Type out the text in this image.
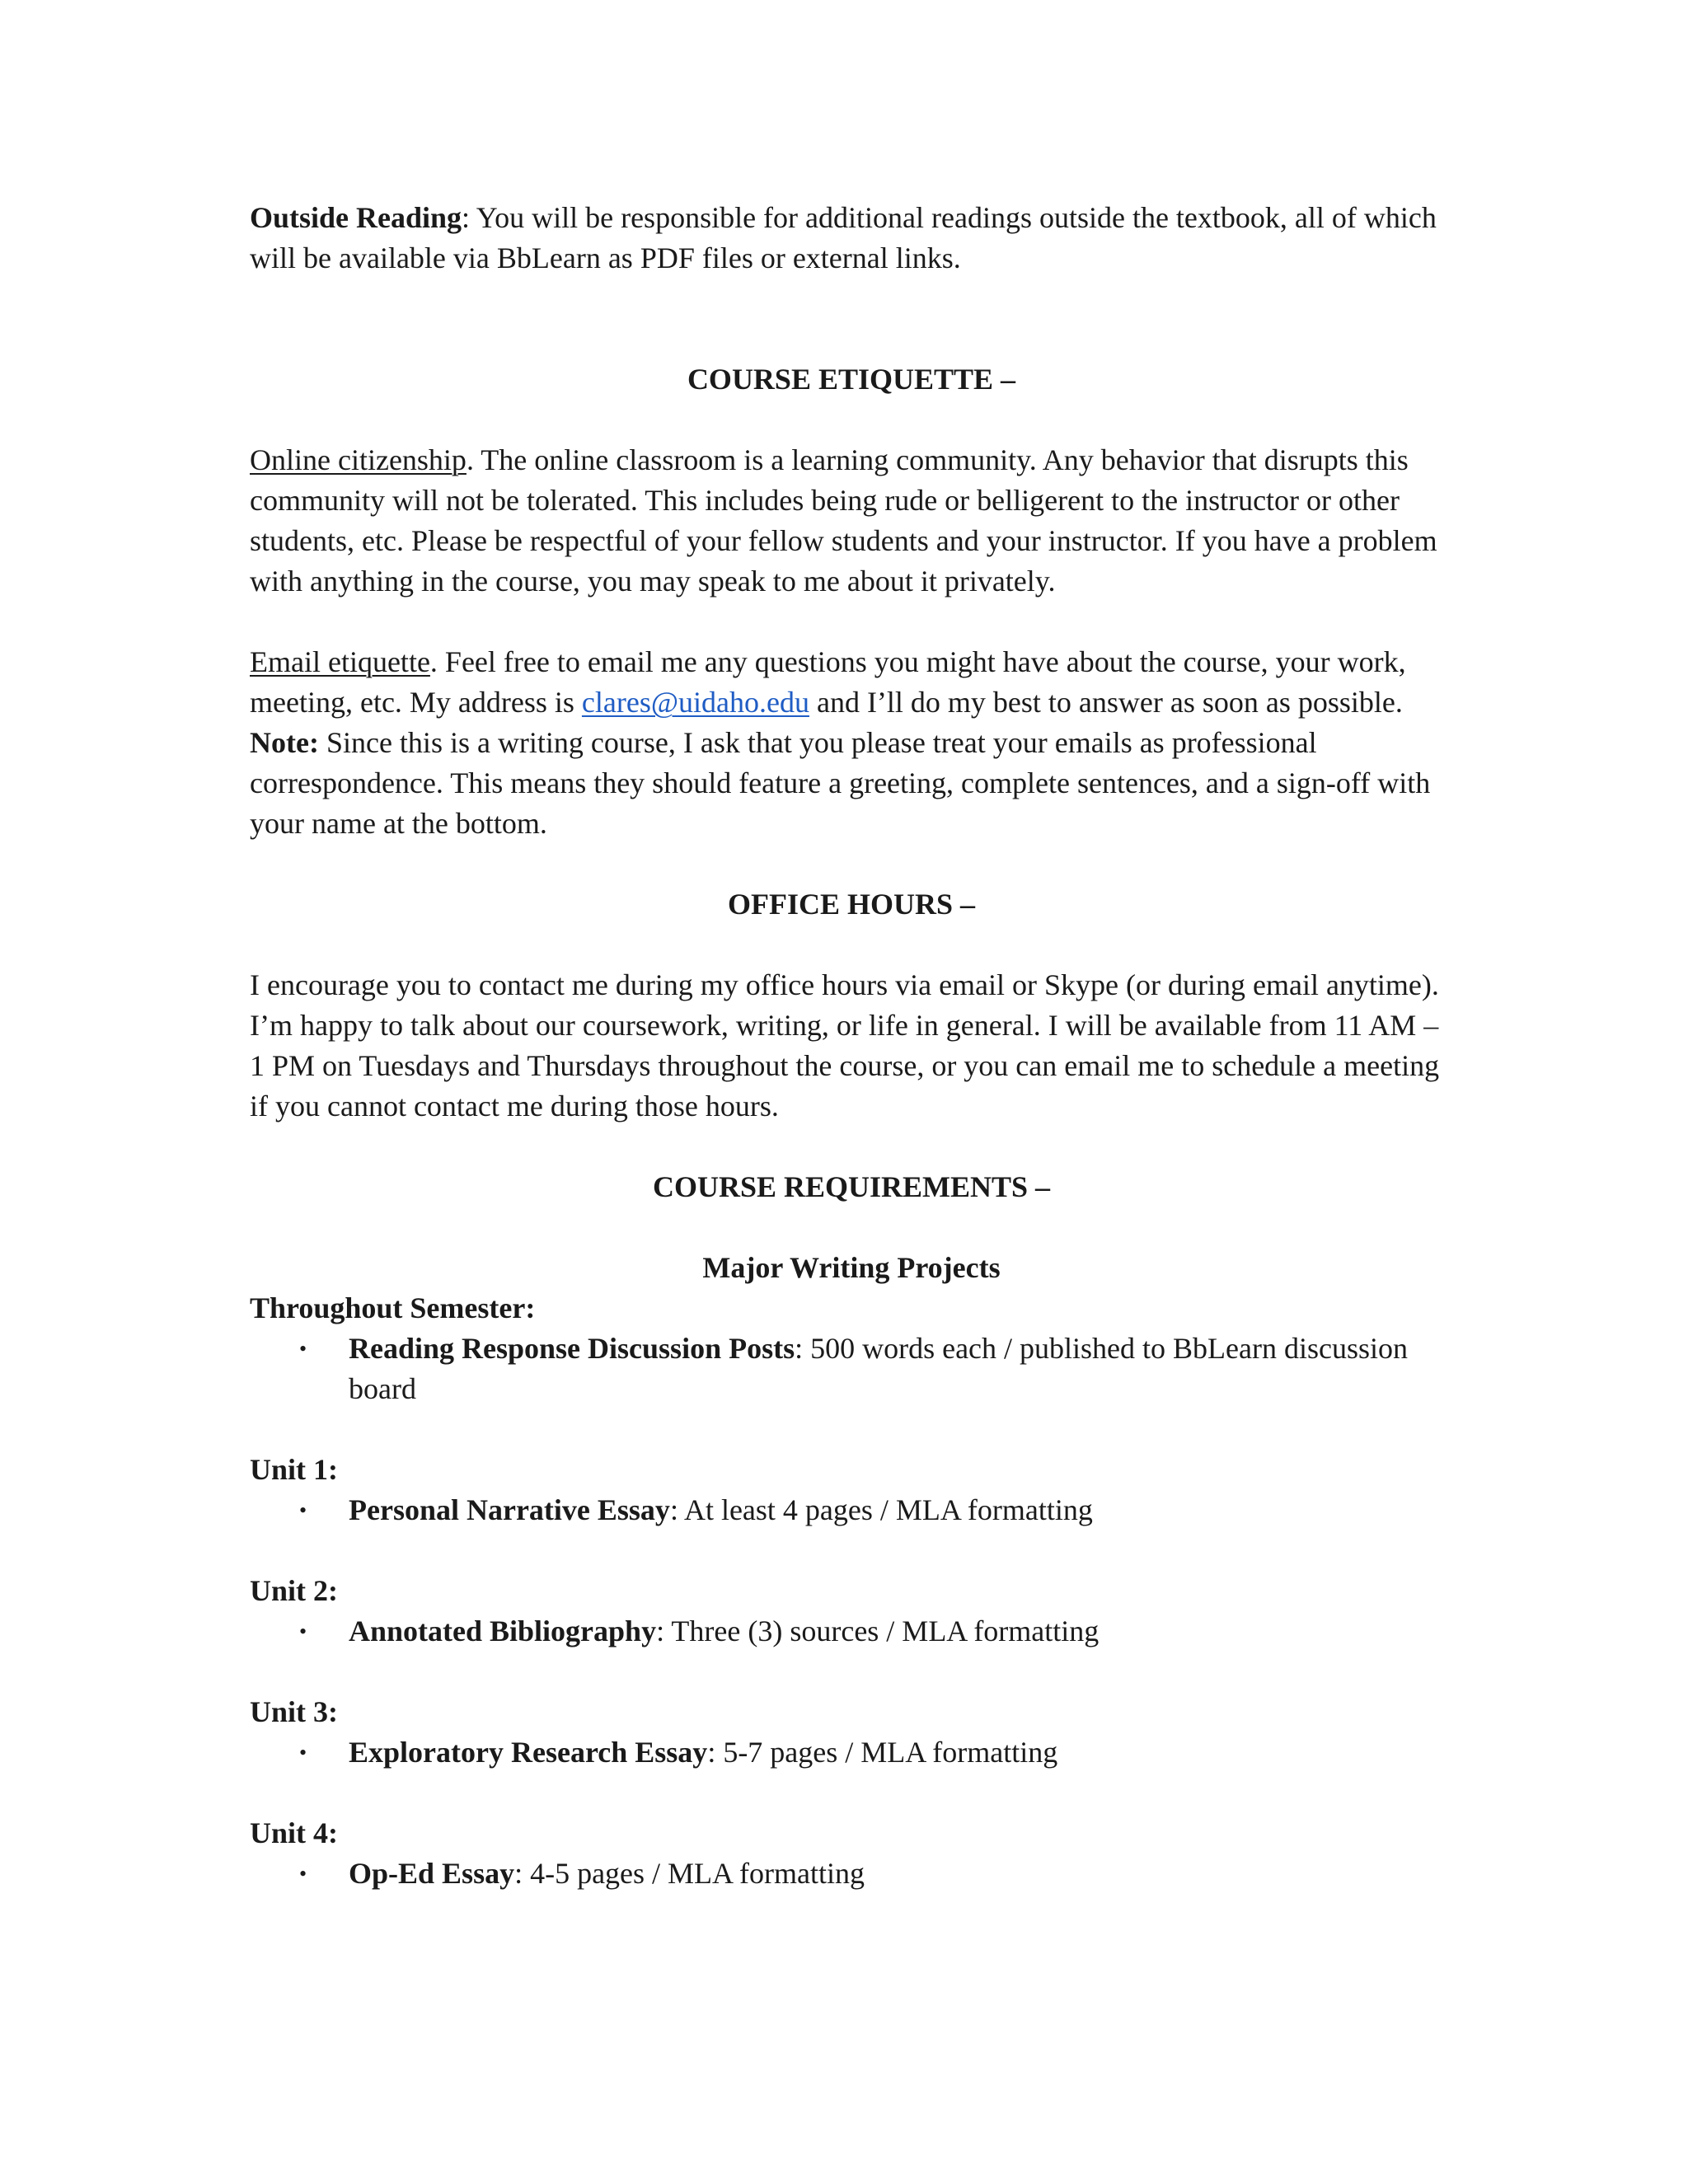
Outside Reading: You will be responsible for additional readings outside the textbook, all of which will be available via BbLearn as PDF files or external links.

COURSE ETIQUETTE –

Online citizenship. The online classroom is a learning community. Any behavior that disrupts this community will not be tolerated. This includes being rude or belligerent to the instructor or other students, etc. Please be respectful of your fellow students and your instructor. If you have a problem with anything in the course, you may speak to me about it privately.

Email etiquette. Feel free to email me any questions you might have about the course, your work, meeting, etc. My address is clares@uidaho.edu and I’ll do my best to answer as soon as possible. Note: Since this is a writing course, I ask that you please treat your emails as professional correspondence. This means they should feature a greeting, complete sentences, and a sign-off with your name at the bottom.

OFFICE HOURS –

I encourage you to contact me during my office hours via email or Skype (or during email anytime). I’m happy to talk about our coursework, writing, or life in general. I will be available from 11 AM – 1 PM on Tuesdays and Thursdays throughout the course, or you can email me to schedule a meeting if you cannot contact me during those hours.

COURSE REQUIREMENTS –

Major Writing Projects

Throughout Semester:

• Reading Response Discussion Posts: 500 words each / published to BbLearn discussion board

Unit 1:

• Personal Narrative Essay: At least 4 pages / MLA formatting

Unit 2:

• Annotated Bibliography: Three (3) sources / MLA formatting

Unit 3:

• Exploratory Research Essay: 5-7 pages / MLA formatting

Unit 4:

• Op-Ed Essay: 4-5 pages / MLA formatting
